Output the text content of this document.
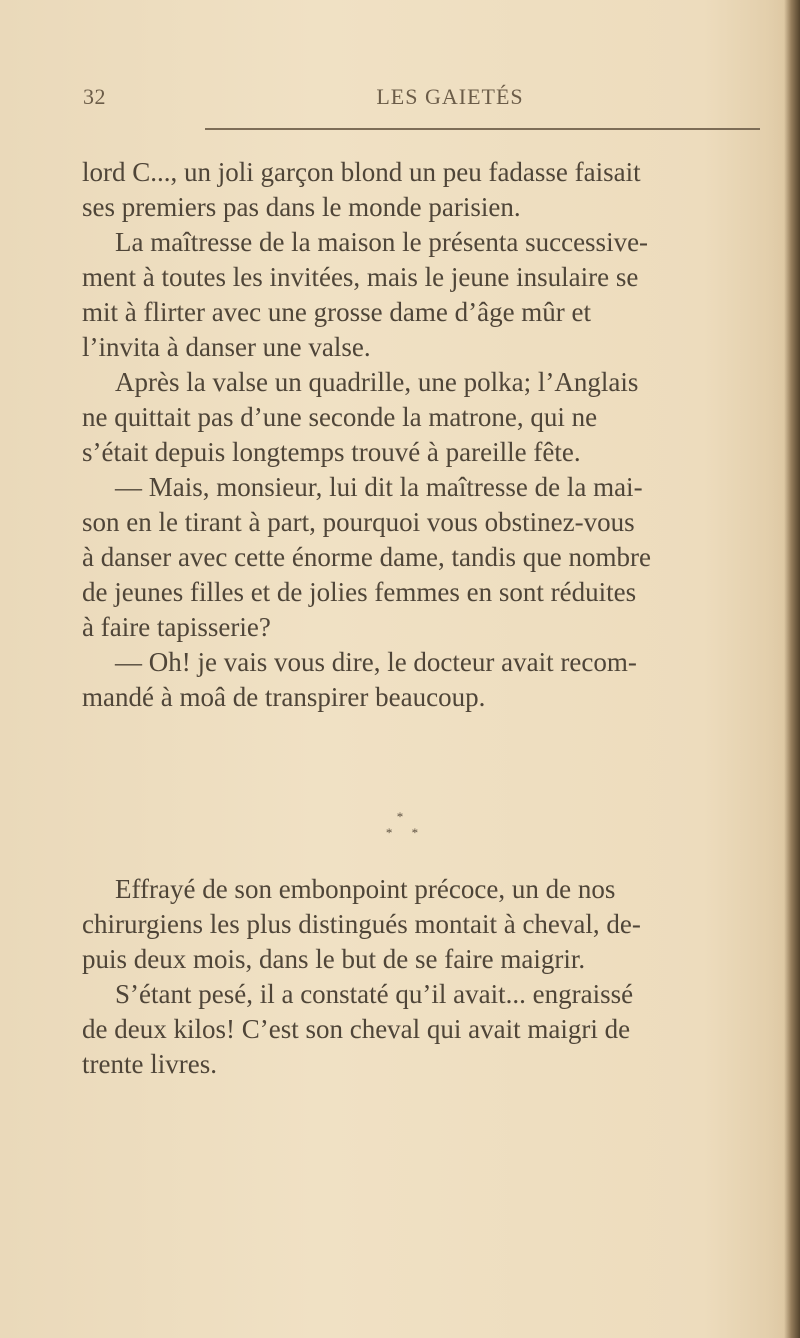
32	LES GAIETÉS
lord C..., un joli garçon blond un peu fadasse faisait
ses premiers pas dans le monde parisien.
La maîtresse de la maison le présenta successive-
ment à toutes les invitées, mais le jeune insulaire se
mit à flirter avec une grosse dame d’âge mûr et
l’invita à danser une valse.
Après la valse un quadrille, une polka; l’Anglais
ne quittait pas d’une seconde la matrone, qui ne
s’était depuis longtemps trouvé à pareille fête.
— Mais, monsieur, lui dit la maîtresse de la mai-
son en le tirant à part, pourquoi vous obstinez-vous
à danser avec cette énorme dame, tandis que nombre
de jeunes filles et de jolies femmes en sont réduites
à faire tapisserie?
— Oh! je vais vous dire, le docteur avait recom-
mandé à moâ de transpirer beaucoup.
*
* *
Effrayé de son embonpoint précoce, un de nos
chirurgiens les plus distingués montait à cheval, de-
puis deux mois, dans le but de se faire maigrir.
S’étant pesé, il a constaté qu’il avait... engraissé
de deux kilos! C’est son cheval qui avait maigri de
trente livres.
